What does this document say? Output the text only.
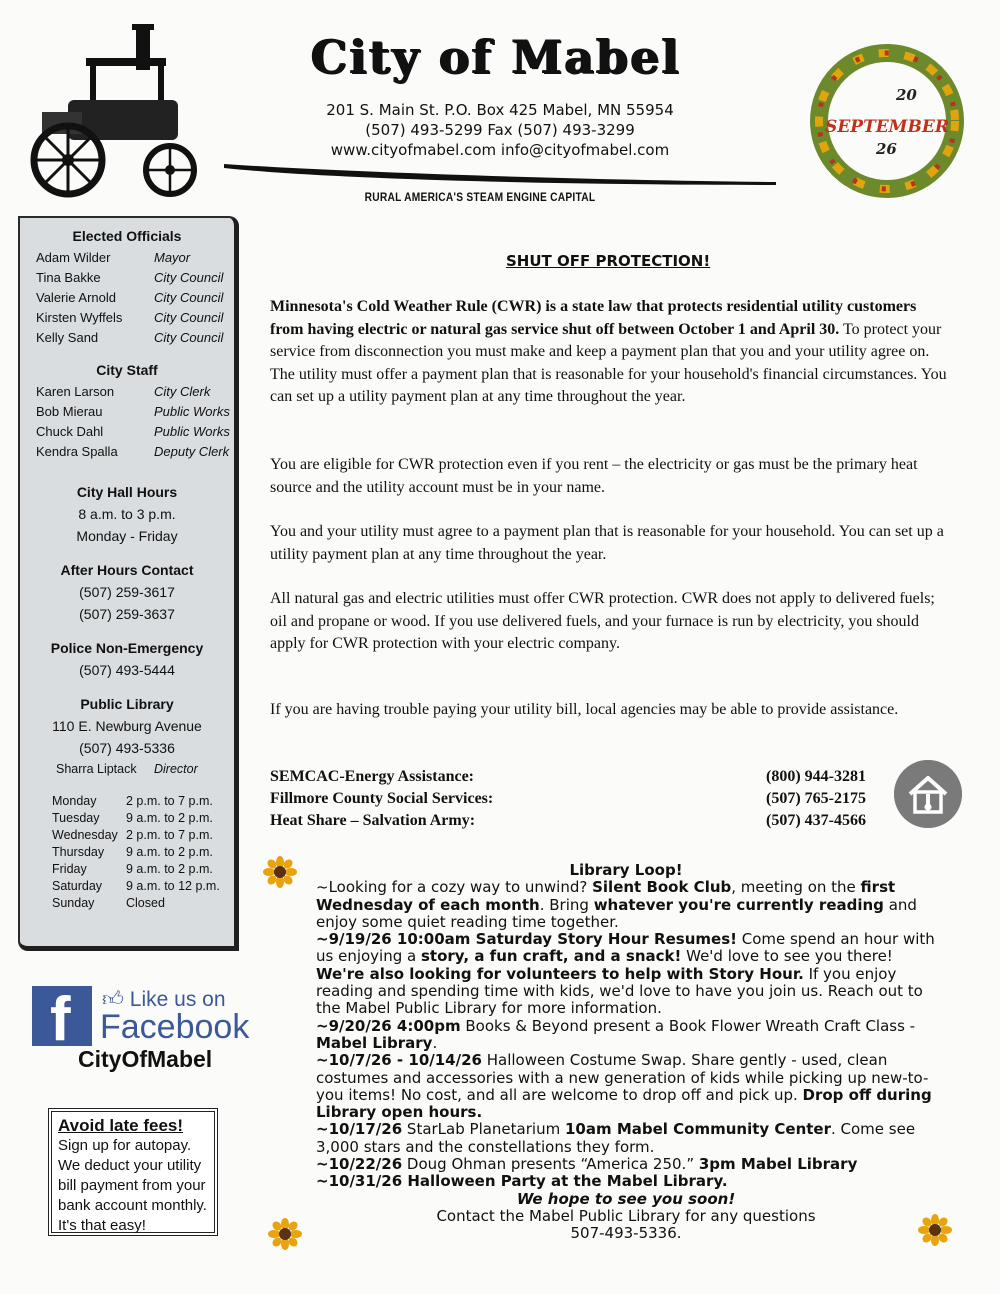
City of Mabel
201 S. Main St. P.O. Box 425 Mabel, MN 55954
(507) 493-5299 Fax (507) 493-3299
www.cityofmabel.com info@cityofmabel.com
RURAL AMERICA'S STEAM ENGINE CAPITAL
20
SEPTEMBER
26
Elected Officials
Adam Wilder	Mayor
Tina Bakke	City Council
Valerie Arnold	City Council
Kirsten Wyffels City Council
Kelly Sand	City Council
City Staff
Karen Larson	City Clerk
Bob Mierau	Public Works
Chuck Dahl	Public Works
Kendra Spalla	Deputy Clerk
City Hall Hours
8 a.m. to 3 p.m.
Monday - Friday
After Hours Contact
(507) 259-3617
(507) 259-3637
Police Non-Emergency
(507) 493-5444
Public Library
110 E. Newburg Avenue
(507) 493-5336
Sharra Liptack Director
Monday 2 p.m. to 7 p.m.
Tuesday 9 a.m. to 2 p.m.
Wednesday 2 p.m. to 7 p.m.
Thursday 9 a.m. to 2 p.m.
Friday	9 a.m. to 2 p.m.
Saturday 9 a.m. to 12 p.m.
Sunday	Closed
f 👍︎ Like us on
Facebook
CityOfMabel
Avoid late fees!
Sign up for autopay.
We deduct your utility
bill payment from your
bank account monthly.
It's that easy!
SHUT OFF PROTECTION!
Minnesota's Cold Weather Rule (CWR) is a state law that protects residential utility customers from having electric or natural gas service shut off between October 1 and April 30. To protect your service from disconnection you must make and keep a payment plan that you and your utility agree on. The utility must offer a payment plan that is reasonable for your household's financial circumstances. You can set up a utility payment plan at any time throughout the year.
You are eligible for CWR protection even if you rent – the electricity or gas must be the primary heat source and the utility account must be in your name.
You and your utility must agree to a payment plan that is reasonable for your household. You can set up a utility payment plan at any time throughout the year.
All natural gas and electric utilities must offer CWR protection. CWR does not apply to delivered fuels; oil and propane or wood. If you use delivered fuels, and your furnace is run by electricity, you should apply for CWR protection with your electric company.
If you are having trouble paying your utility bill, local agencies may be able to provide assistance.
SEMCAC-Energy Assistance:	(800) 944-3281
Fillmore County Social Services:	(507) 765-2175
Heat Share – Salvation Army:	(507) 437-4566
Library Loop!
~Looking for a cozy way to unwind? Silent Book Club, meeting on the first Wednesday of each month. Bring whatever you're currently reading and enjoy some quiet reading time together.
~9/19/26 10:00am Saturday Story Hour Resumes! Come spend an hour with us enjoying a story, a fun craft, and a snack! We'd love to see you there! We're also looking for volunteers to help with Story Hour. If you enjoy reading and spending time with kids, we'd love to have you join us. Reach out to the Mabel Public Library for more information.
~9/20/26 4:00pm Books & Beyond present a Book Flower Wreath Craft Class - Mabel Library.
~10/7/26 - 10/14/26 Halloween Costume Swap. Share gently - used, clean costumes and accessories with a new generation of kids while picking up new-to-you items! No cost, and all are welcome to drop off and pick up. Drop off during Library open hours.
~10/17/26 StarLab Planetarium 10am Mabel Community Center. Come see 3,000 stars and the constellations they form.
~10/22/26 Doug Ohman presents “America 250.” 3pm Mabel Library
~10/31/26 Halloween Party at the Mabel Library.
We hope to see you soon!
Contact the Mabel Public Library for any questions
507-493-5336.
